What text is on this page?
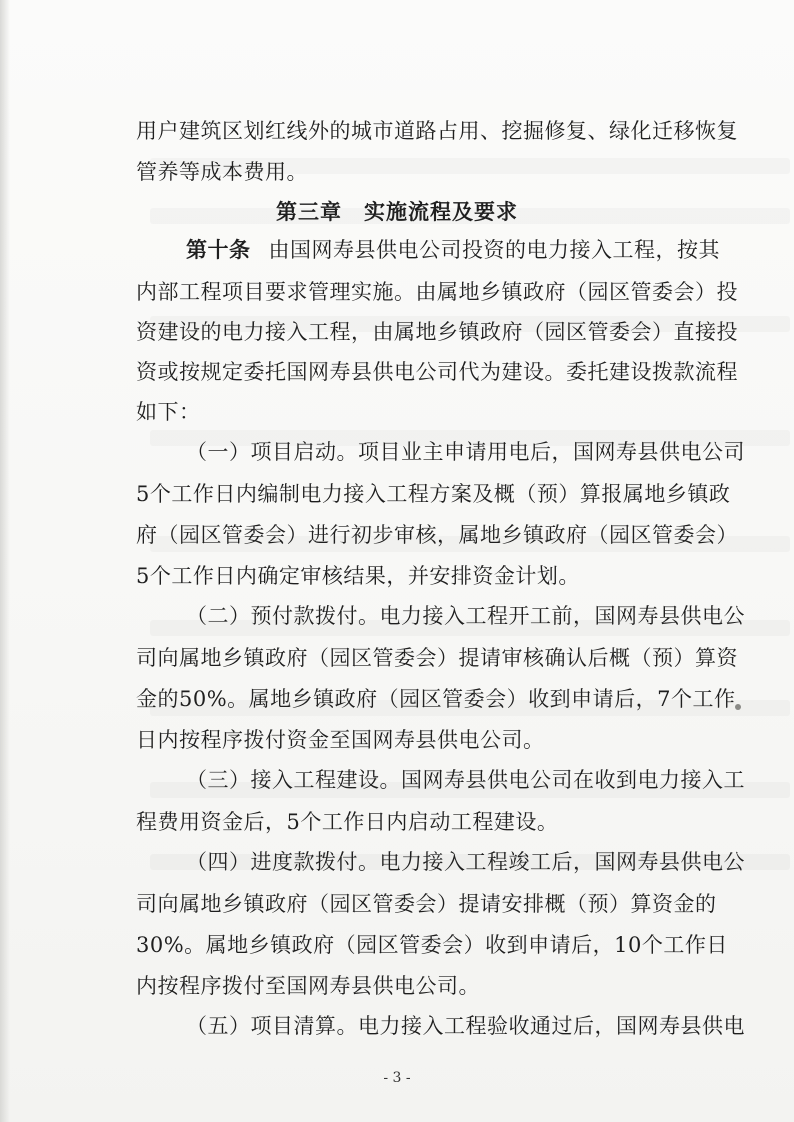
用户建筑区划红线外的城市道路占用、挖掘修复、绿化迁移恢复
管养等成本费用。
第三章　实施流程及要求
第十条 由国网寿县供电公司投资的电力接入工程，按其
内部工程项目要求管理实施。由属地乡镇政府（园区管委会）投
资建设的电力接入工程，由属地乡镇政府（园区管委会）直接投
资或按规定委托国网寿县供电公司代为建设。委托建设拨款流程
如下：
（一）项目启动。项目业主申请用电后，国网寿县供电公司
5个工作日内编制电力接入工程方案及概（预）算报属地乡镇政
府（园区管委会）进行初步审核，属地乡镇政府（园区管委会）
5个工作日内确定审核结果，并安排资金计划。
（二）预付款拨付。电力接入工程开工前，国网寿县供电公
司向属地乡镇政府（园区管委会）提请审核确认后概（预）算资
金的50%。属地乡镇政府（园区管委会）收到申请后，7个工作
日内按程序拨付资金至国网寿县供电公司。
（三）接入工程建设。国网寿县供电公司在收到电力接入工
程费用资金后，5个工作日内启动工程建设。
（四）进度款拨付。电力接入工程竣工后，国网寿县供电公
司向属地乡镇政府（园区管委会）提请安排概（预）算资金的
30%。属地乡镇政府（园区管委会）收到申请后，10个工作日
内按程序拨付至国网寿县供电公司。
（五）项目清算。电力接入工程验收通过后，国网寿县供电
- 3 -
